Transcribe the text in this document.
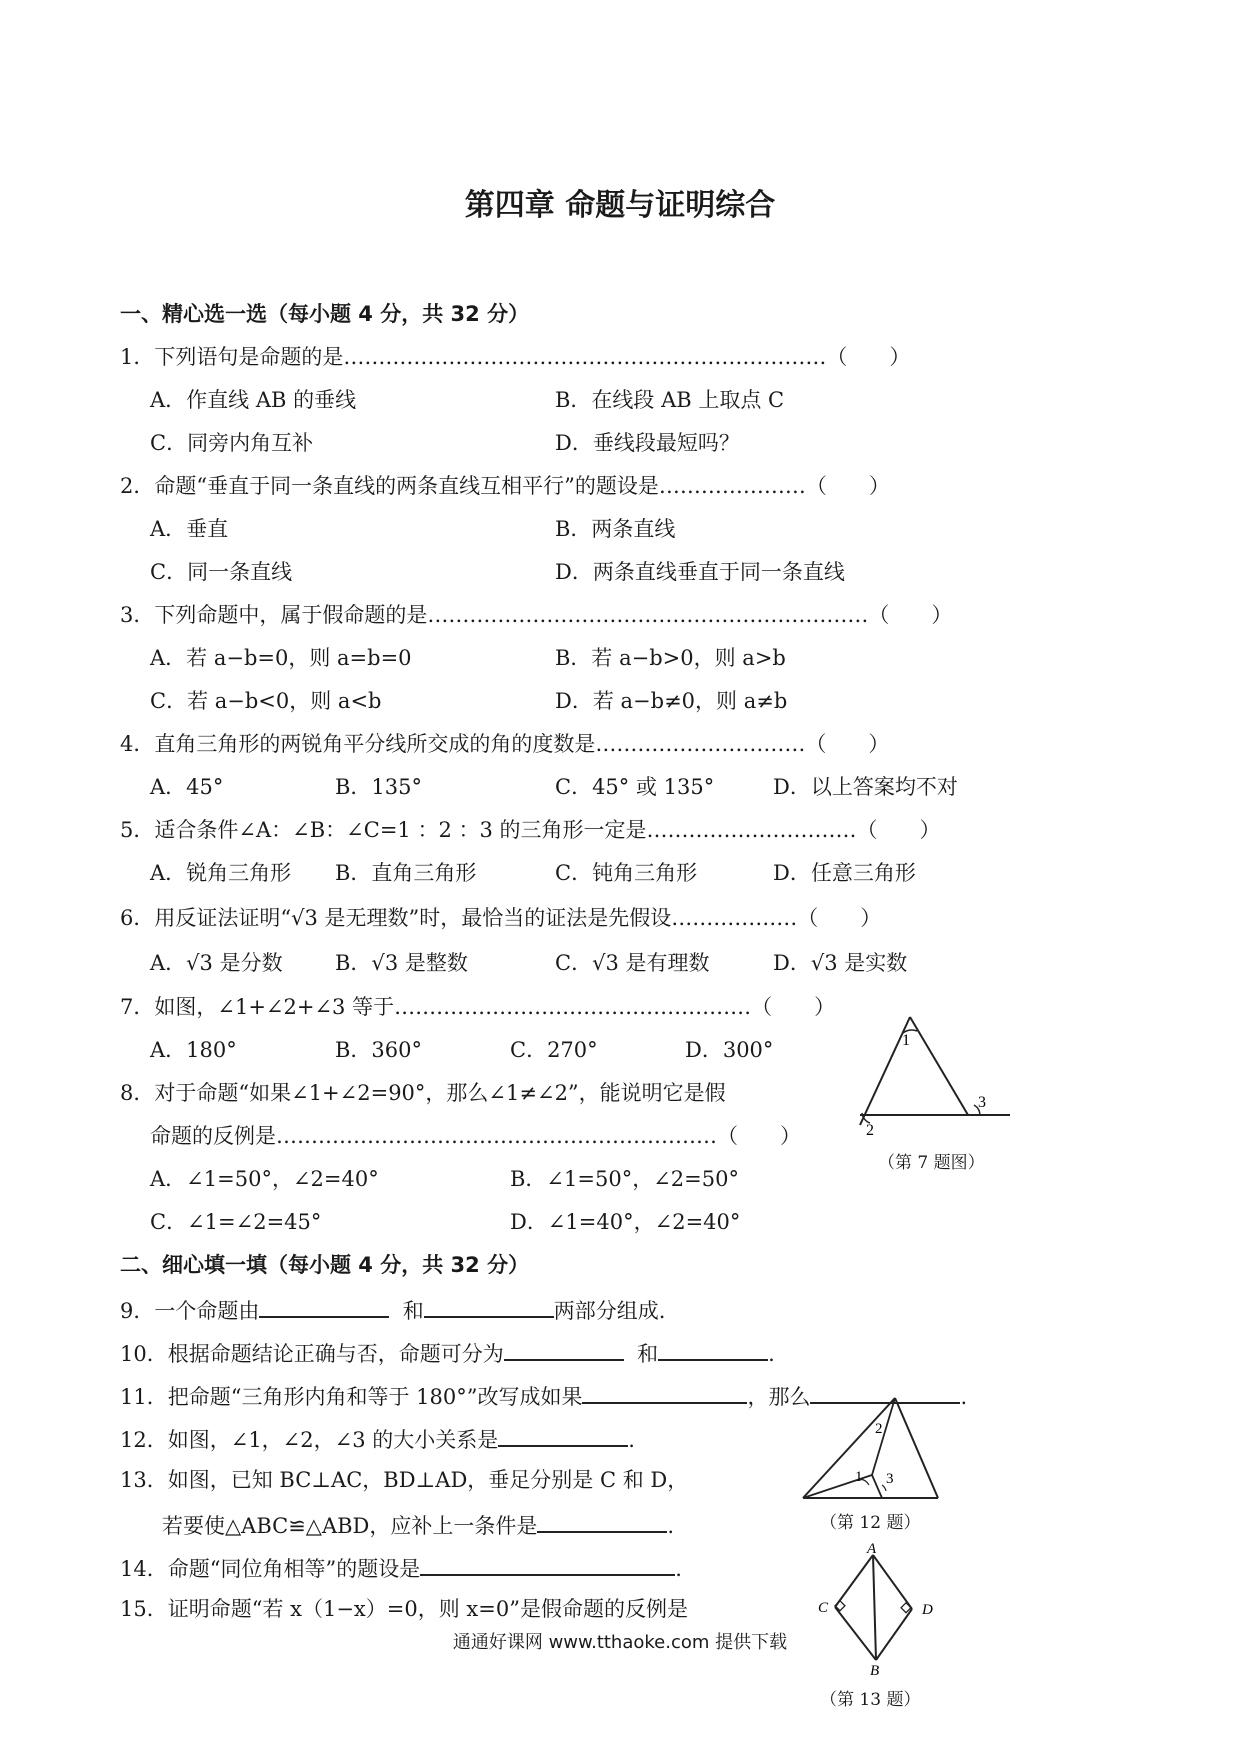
第四章 命题与证明综合
一、精心选一选（每小题 4 分，共 32 分）
1．下列语句是命题的是……………………………………………………………（　　）
A．作直线 AB 的垂线	B．在线段 AB 上取点 C
C．同旁内角互补	D．垂线段最短吗？
2．命题“垂直于同一条直线的两条直线互相平行”的题设是…………………（　　）
A．垂直	B．两条直线
C．同一条直线	D．两条直线垂直于同一条直线
3．下列命题中，属于假命题的是………………………………………………………（　　）
A．若 a−b=0，则 a=b=0	B．若 a−b>0，则 a>b
C．若 a−b<0，则 a<b	D．若 a−b≠0，则 a≠b
4．直角三角形的两锐角平分线所交成的角的度数是…………………………（　　）
A．45°	B．135°	C．45° 或 135°	D．以上答案均不对
5．适合条件∠A：∠B：∠C=1 ：2 ：3 的三角形一定是…………………………（　　）
A．锐角三角形 B．直角三角形	C．钝角三角形	D．任意三角形
6．用反证法证明“√3 是无理数”时，最恰当的证法是先假设………………（　　）
A．√3 是分数 B．√3 是整数	C．√3 是有理数	D．√3 是实数
7．如图，∠1+∠2+∠3 等于……………………………………………（　　）
A．180°	B．360°	C．270°	D．300°
8．对于命题“如果∠1+∠2=90°，那么∠1≠∠2”，能说明它是假
命题的反例是………………………………………………………（　　）
A．∠1=50°，∠2=40°	B．∠1=50°，∠2=50°
C．∠1=∠2=45°	D．∠1=40°，∠2=40°
1
2
3
（第 7 题图）
二、细心填一填（每小题 4 分，共 32 分）
9．一个命题由	和	两部分组成.
10．根据命题结论正确与否，命题可分为	和	.
11．把命题“三角形内角和等于 180°”改写成如果	，那么	.
12．如图，∠1，∠2，∠3 的大小关系是	.
13．如图，已知 BC⊥AC，BD⊥AD，垂足分别是 C 和 D，
若要使△ABC≌△ABD，应补上一条件是	.
14．命题“同位角相等”的题设是	.
15．证明命题“若 x（1−x）=0，则 x=0”是假命题的反例是
1
2
3
（第 12 题）
A
B
C	D
（第 13 题）
通通好课网 www.tthaoke.com 提供下载
